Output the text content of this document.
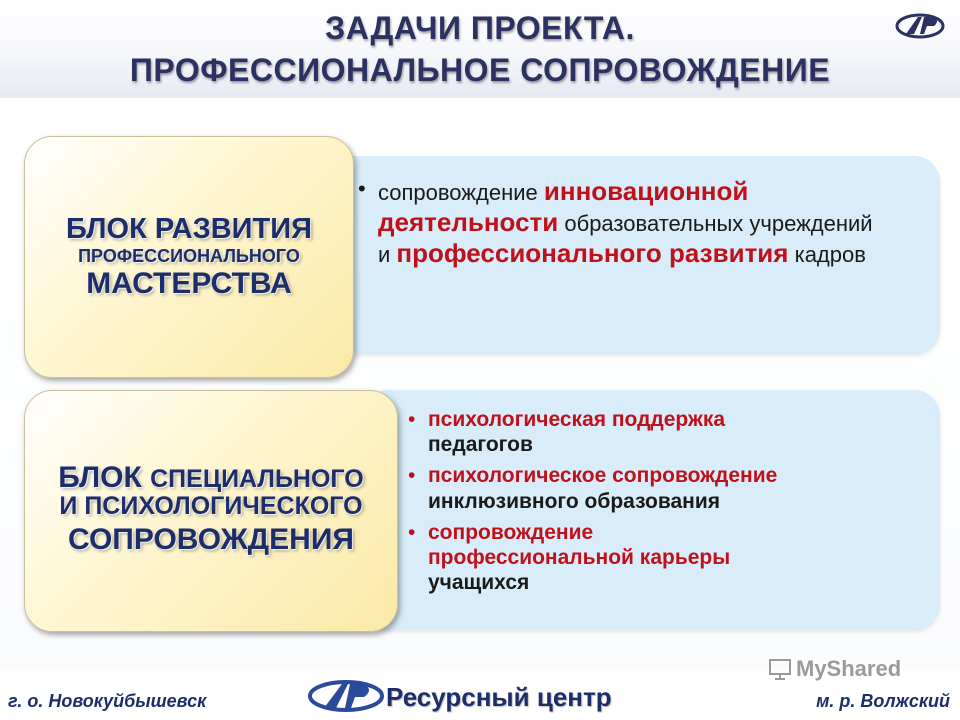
ЗАДАЧИ ПРОЕКТА.
ПРОФЕССИОНАЛЬНОЕ СОПРОВОЖДЕНИЕ
БЛОК РАЗВИТИЯ
ПРОФЕССИОНАЛЬНОГО
МАСТЕРСТВА
• сопровождение инновационной деятельности образовательных учреждений
и профессионального развития кадров
БЛОК СПЕЦИАЛЬНОГО
И ПСИХОЛОГИЧЕСКОГО
СОПРОВОЖДЕНИЯ
• психологическая поддержка
педагогов
• психологическое сопровождение
инклюзивного образования
• сопровождение профессиональной карьеры
учащихся
г. о. Новокуйбышевск	Ресурсный центр	м. р. Волжский
MyShared
